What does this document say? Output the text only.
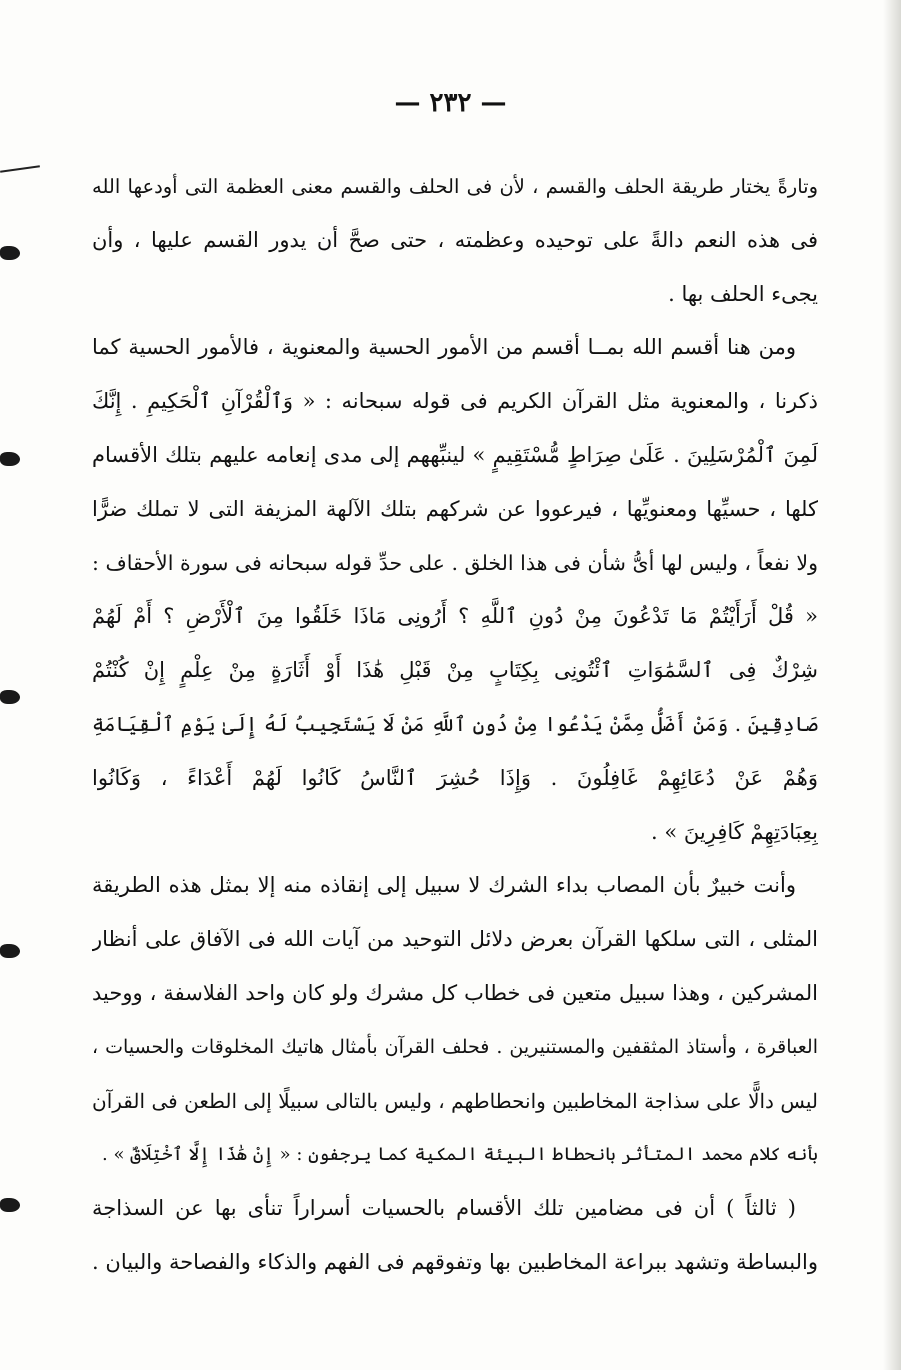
— ٢٣٢ —
وتارةً يختار طريقة الحلف والقسم ، لأن فى الحلف والقسم معنى العظمة التى أودعها الله
فى هذه النعم دالةً على توحيده وعظمته ، حتى صحَّ أن يدور القسم عليها ، وأن
يجىء الحلف بها .
ومن هنا أقسم الله بمــا أقسم من الأمور الحسية والمعنوية ، فالأمور الحسية كما
ذكرنا ، والمعنوية مثل القرآن الكريم فى قوله سبحانه : « وَٱلْقُرْآنِ ٱلْحَكِيمِ . إِنَّكَ
لَمِنَ ٱلْمُرْسَلِينَ . عَلَىٰ صِرَاطٍ مُّسْتَقِيمٍ » لينبِّههم إلى مدى إنعامه عليهم بتلك الأقسام
كلها ، حسيِّها ومعنويِّها ، فيرعووا عن شركهم بتلك الآلهة المزيفة التى لا تملك ضرًّا
ولا نفعاً ، وليس لها أىُّ شأن فى هذا الخلق . على حدِّ قوله سبحانه فى سورة الأحقاف :
« قُلْ أَرَأَيْتُمْ مَا تَدْعُونَ مِنْ دُونِ ٱللَّهِ ؟ أَرُونِى مَاذَا خَلَقُوا مِنَ ٱلْأَرْضِ ؟ أَمْ لَهُمْ
شِرْكٌ فِى ٱلسَّمَٰوَاتِ ٱئْتُونِى بِكِتَابٍ مِنْ قَبْلِ هَٰذَا أَوْ أَثَارَةٍ مِنْ عِلْمٍ إِنْ كُنْتُمْ
صَادِقِينَ . وَمَنْ أَضَلُّ مِمَّنْ يَدْعُوا مِنْ دُونِ ٱللَّهِ مَنْ لَا يَسْتَجِيبُ لَهُ إِلَىٰ يَوْمِ ٱلْقِيَامَةِ
وَهُمْ عَنْ دُعَائِهِمْ غَافِلُونَ . وَإِذَا حُشِرَ ٱلنَّاسُ كَانُوا لَهُمْ أَعْدَاءً ، وَكَانُوا
بِعِبَادَتِهِمْ كَافِرِينَ » .
وأنت خبيرٌ بأن المصاب بداء الشرك لا سبيل إلى إنقاذه منه إلا بمثل هذه الطريقة
المثلى ، التى سلكها القرآن بعرض دلائل التوحيد من آيات الله فى الآفاق على أنظار
المشركين ، وهذا سبيل متعين فى خطاب كل مشرك ولو كان واحد الفلاسفة ، ووحيد
العباقرة ، وأستاذ المثقفين والمستنيرين . فحلف القرآن بأمثال هاتيك المخلوقات والحسيات ،
ليس دالًّا على سذاجة المخاطبين وانحطاطهم ، وليس بالتالى سبيلًا إلى الطعن فى القرآن
بأنه كلام محمد المتأثر بانحطاط البيئة المكية كما يرجفون : « إِنْ هَٰذَا إِلَّا ٱخْتِلَاقٌ » .
( ثالثاً ) أن فى مضامين تلك الأقسام بالحسيات أسراراً تنأى بها عن السذاجة
والبساطة وتشهد ببراعة المخاطبين بها وتفوقهم فى الفهم والذكاء والفصاحة والبيان .
